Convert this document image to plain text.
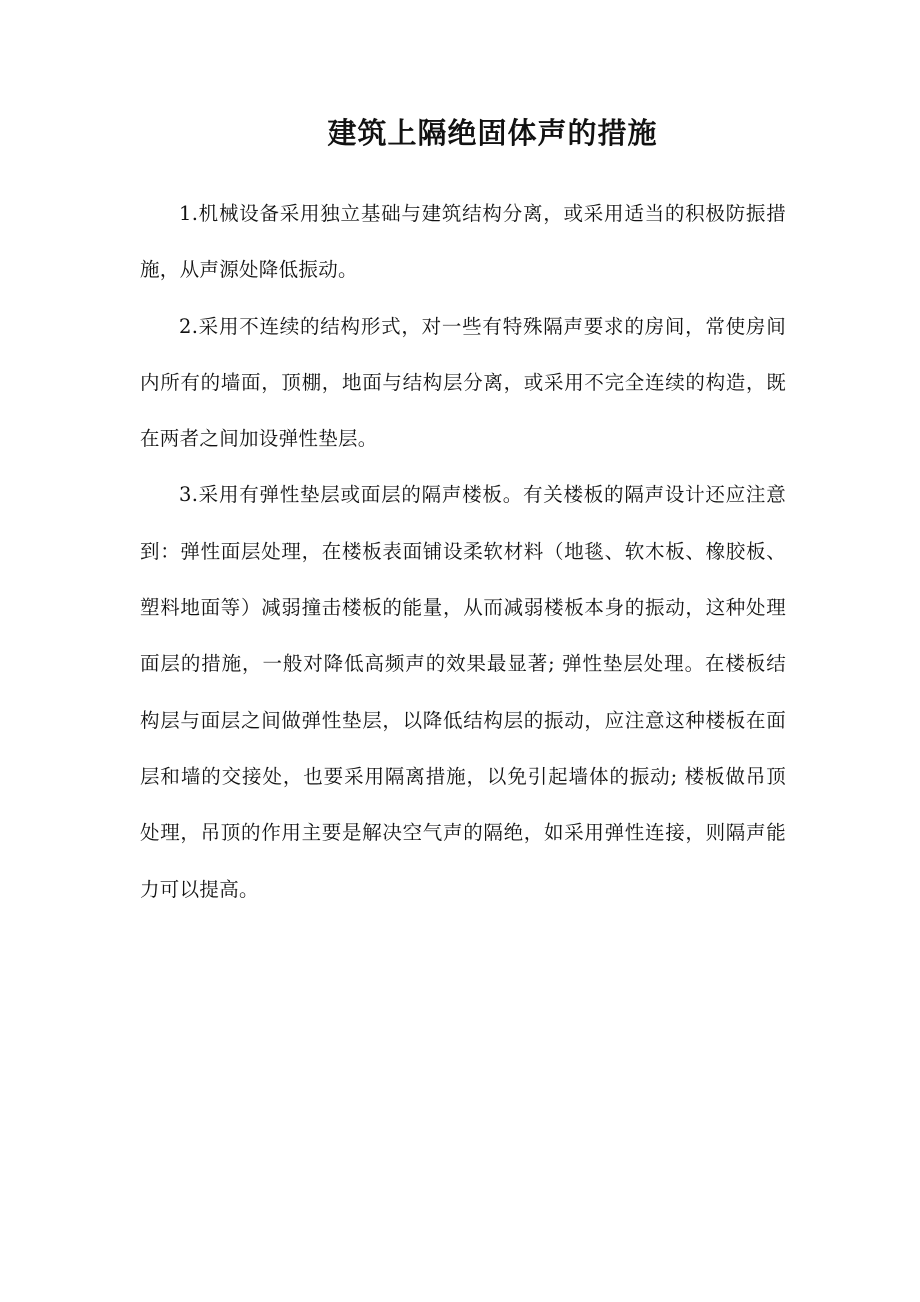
建筑上隔绝固体声的措施

1.机械设备采用独立基础与建筑结构分离，或采用适当的积极防振措施，从声源处降低振动。

2.采用不连续的结构形式，对一些有特殊隔声要求的房间，常使房间内所有的墙面，顶棚，地面与结构层分离，或采用不完全连续的构造，既在两者之间加设弹性垫层。

3.采用有弹性垫层或面层的隔声楼板。有关楼板的隔声设计还应注意到：弹性面层处理，在楼板表面铺设柔软材料（地毯、软木板、橡胶板、塑料地面等）减弱撞击楼板的能量，从而减弱楼板本身的振动，这种处理面层的措施，一般对降低高频声的效果最显著; 弹性垫层处理。在楼板结构层与面层之间做弹性垫层，以降低结构层的振动，应注意这种楼板在面层和墙的交接处，也要采用隔离措施，以免引起墙体的振动; 楼板做吊顶处理，吊顶的作用主要是解决空气声的隔绝，如采用弹性连接，则隔声能力可以提高。
